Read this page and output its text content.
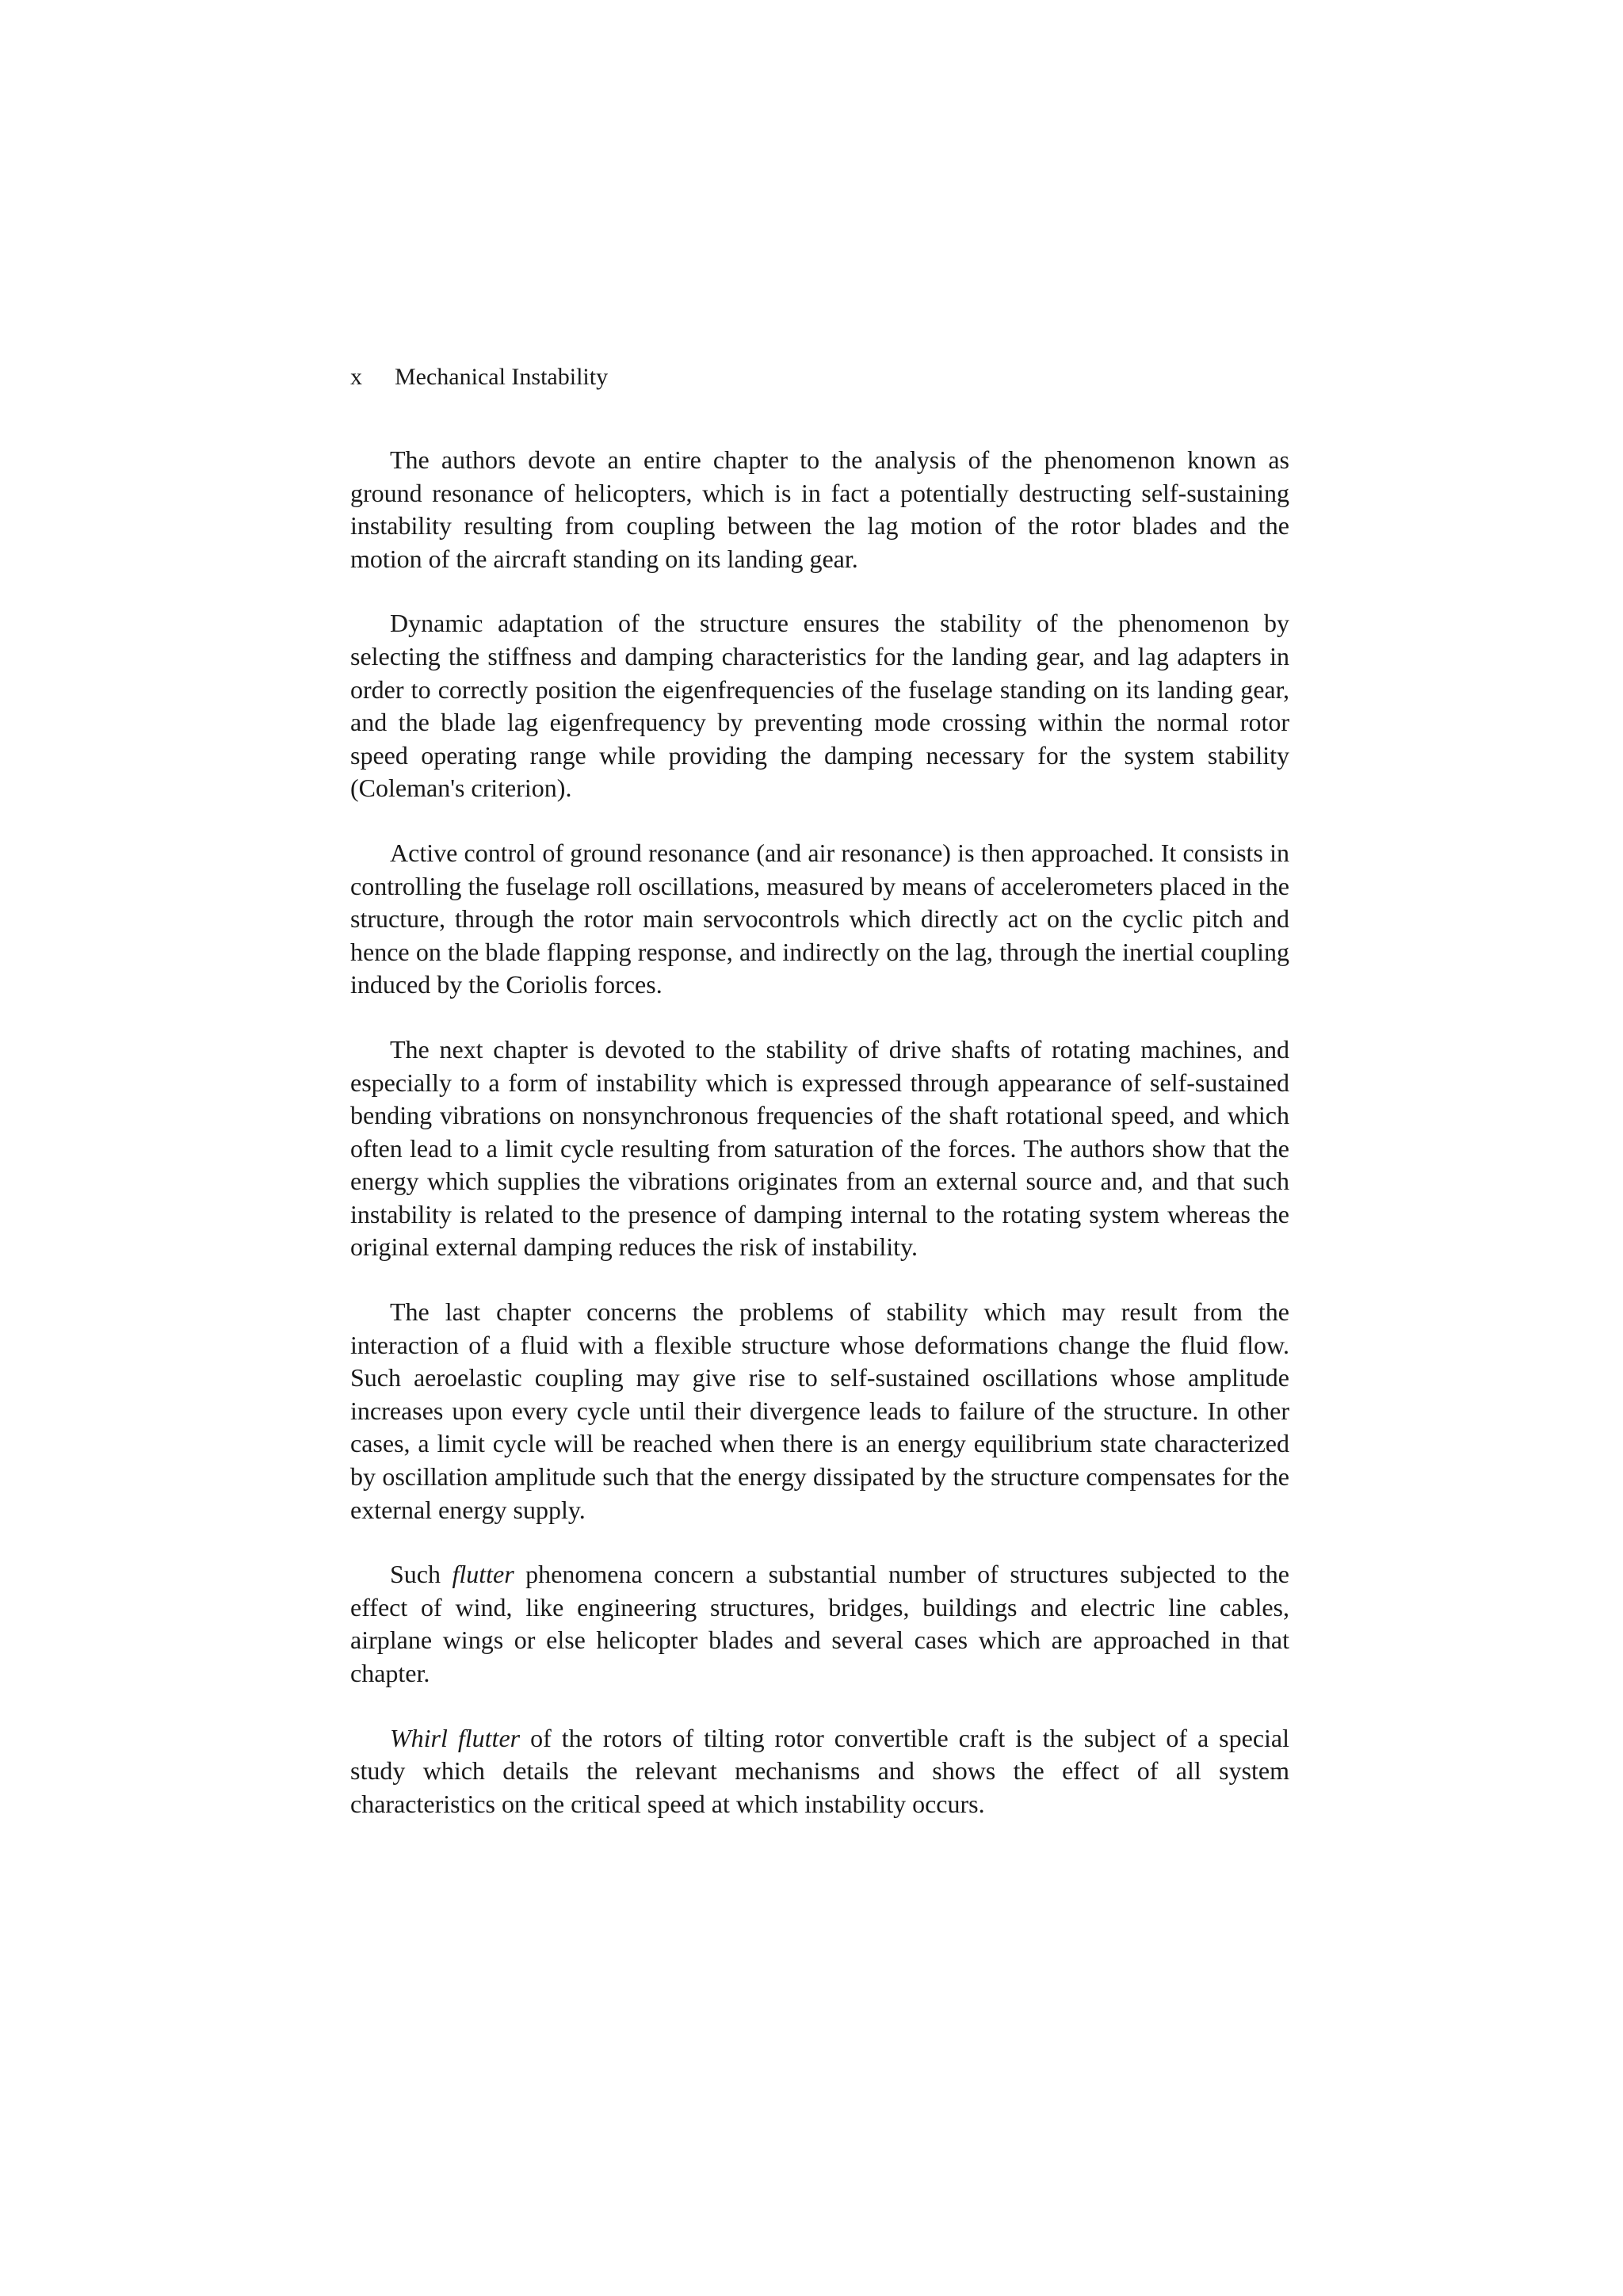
x Mechanical Instability

The authors devote an entire chapter to the analysis of the phenomenon known as ground resonance of helicopters, which is in fact a potentially destructing self-sustaining instability resulting from coupling between the lag motion of the rotor blades and the motion of the aircraft standing on its landing gear.

Dynamic adaptation of the structure ensures the stability of the phenomenon by selecting the stiffness and damping characteristics for the landing gear, and lag adapters in order to correctly position the eigenfrequencies of the fuselage standing on its landing gear, and the blade lag eigenfrequency by preventing mode crossing within the normal rotor speed operating range while providing the damping necessary for the system stability (Coleman's criterion).

Active control of ground resonance (and air resonance) is then approached. It consists in controlling the fuselage roll oscillations, measured by means of accelerometers placed in the structure, through the rotor main servocontrols which directly act on the cyclic pitch and hence on the blade flapping response, and indirectly on the lag, through the inertial coupling induced by the Coriolis forces.

The next chapter is devoted to the stability of drive shafts of rotating machines, and especially to a form of instability which is expressed through appearance of self-sustained bending vibrations on nonsynchronous frequencies of the shaft rotational speed, and which often lead to a limit cycle resulting from saturation of the forces. The authors show that the energy which supplies the vibrations originates from an external source and, and that such instability is related to the presence of damping internal to the rotating system whereas the original external damping reduces the risk of instability.

The last chapter concerns the problems of stability which may result from the interaction of a fluid with a flexible structure whose deformations change the fluid flow. Such aeroelastic coupling may give rise to self-sustained oscillations whose amplitude increases upon every cycle until their divergence leads to failure of the structure. In other cases, a limit cycle will be reached when there is an energy equilibrium state characterized by oscillation amplitude such that the energy dissipated by the structure compensates for the external energy supply.

Such flutter phenomena concern a substantial number of structures subjected to the effect of wind, like engineering structures, bridges, buildings and electric line cables, airplane wings or else helicopter blades and several cases which are approached in that chapter.

Whirl flutter of the rotors of tilting rotor convertible craft is the subject of a special study which details the relevant mechanisms and shows the effect of all system characteristics on the critical speed at which instability occurs.
